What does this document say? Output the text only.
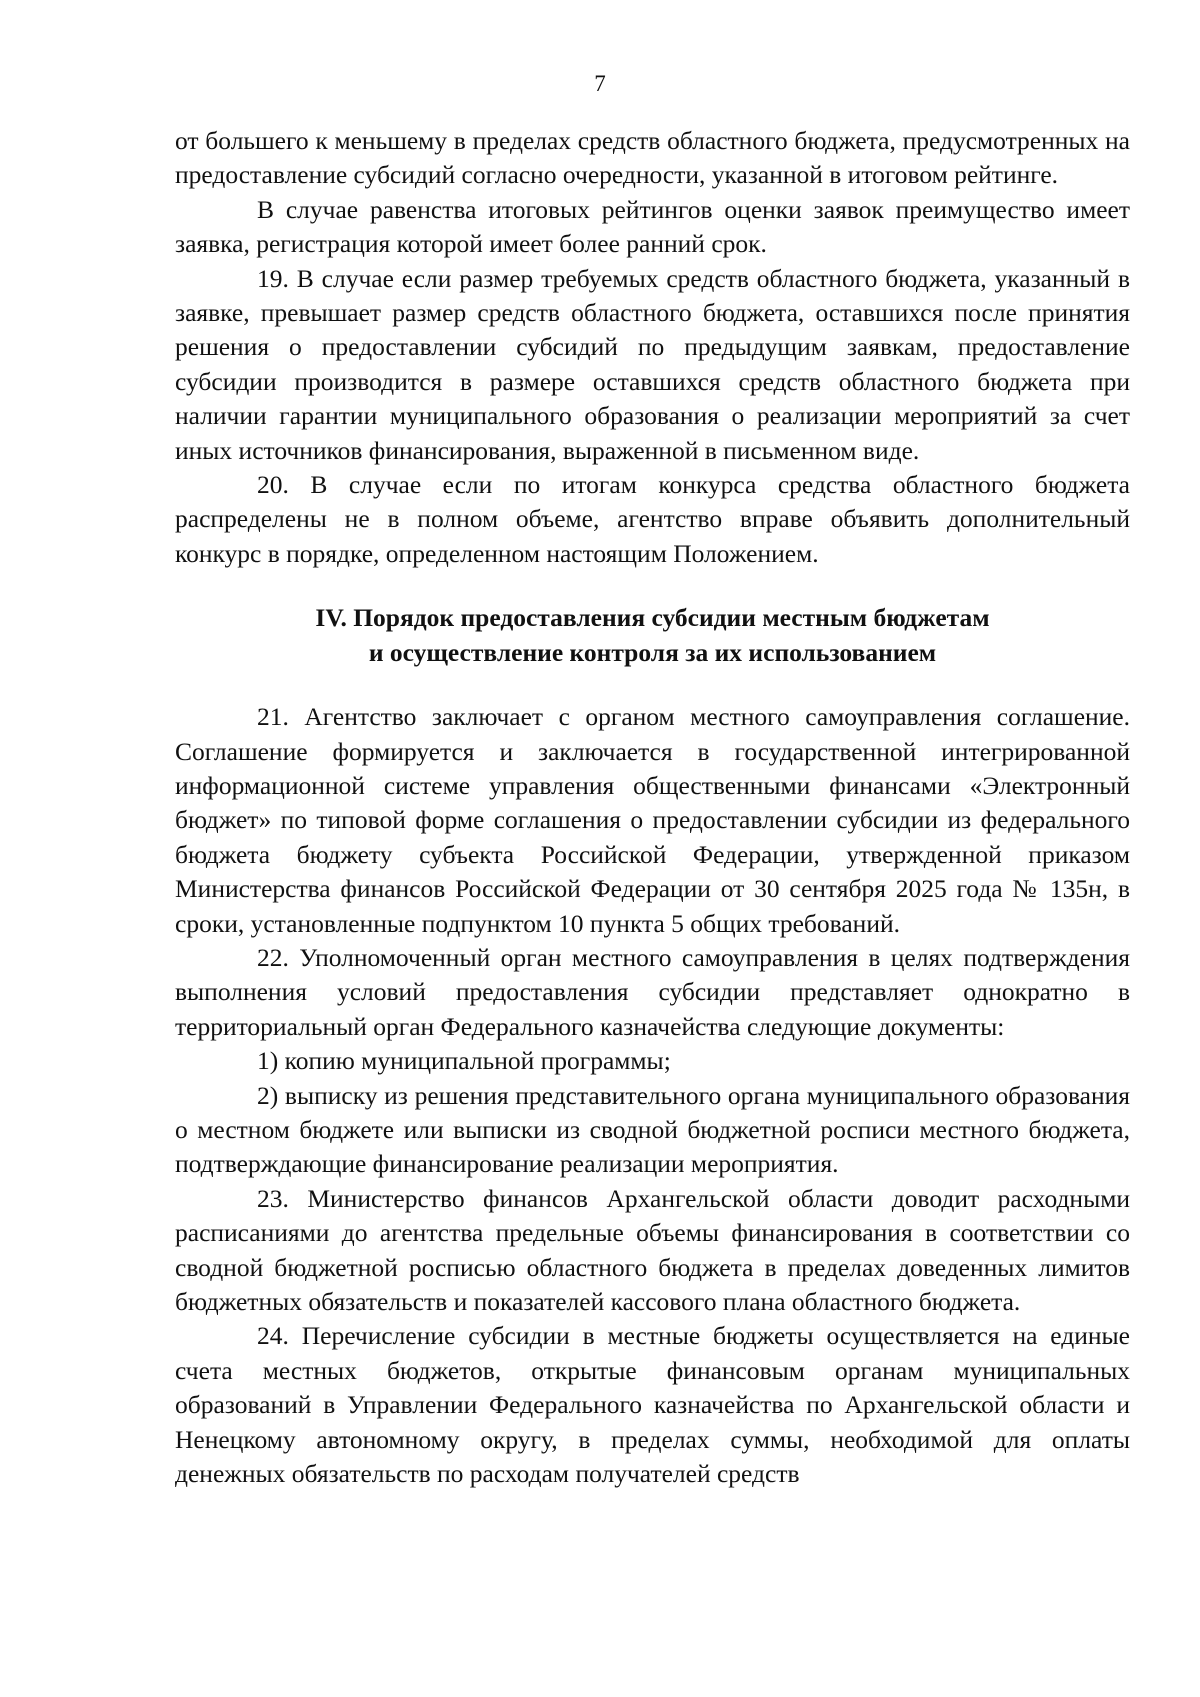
7

от большего к меньшему в пределах средств областного бюджета, предусмотренных на предоставление субсидий согласно очередности, указанной в итоговом рейтинге.

В случае равенства итоговых рейтингов оценки заявок преимущество имеет заявка, регистрация которой имеет более ранний срок.

19. В случае если размер требуемых средств областного бюджета, указанный в заявке, превышает размер средств областного бюджета, оставшихся после принятия решения о предоставлении субсидий по предыдущим заявкам, предоставление субсидии производится в размере оставшихся средств областного бюджета при наличии гарантии муниципального образования о реализации мероприятий за счет иных источников финансирования, выраженной в письменном виде.

20. В случае если по итогам конкурса средства областного бюджета распределены не в полном объеме, агентство вправе объявить дополнительный конкурс в порядке, определенном настоящим Положением.

IV. Порядок предоставления субсидии местным бюджетам
и осуществление контроля за их использованием

21. Агентство заключает с органом местного самоуправления соглашение. Соглашение формируется и заключается в государственной интегрированной информационной системе управления общественными финансами «Электронный бюджет» по типовой форме соглашения о предоставлении субсидии из федерального бюджета бюджету субъекта Российской Федерации, утвержденной приказом Министерства финансов Российской Федерации от 30 сентября 2025 года № 135н, в сроки, установленные подпунктом 10 пункта 5 общих требований.

22. Уполномоченный орган местного самоуправления в целях подтверждения выполнения условий предоставления субсидии представляет однократно в территориальный орган Федерального казначейства следующие документы:

1) копию муниципальной программы;

2) выписку из решения представительного органа муниципального образования о местном бюджете или выписки из сводной бюджетной росписи местного бюджета, подтверждающие финансирование реализации мероприятия.

23. Министерство финансов Архангельской области доводит расходными расписаниями до агентства предельные объемы финансирования в соответствии со сводной бюджетной росписью областного бюджета в пределах доведенных лимитов бюджетных обязательств и показателей кассового плана областного бюджета.

24. Перечисление субсидии в местные бюджеты осуществляется на единые счета местных бюджетов, открытые финансовым органам муниципальных образований в Управлении Федерального казначейства по Архангельской области и Ненецкому автономному округу, в пределах суммы, необходимой для оплаты денежных обязательств по расходам получателей средств
